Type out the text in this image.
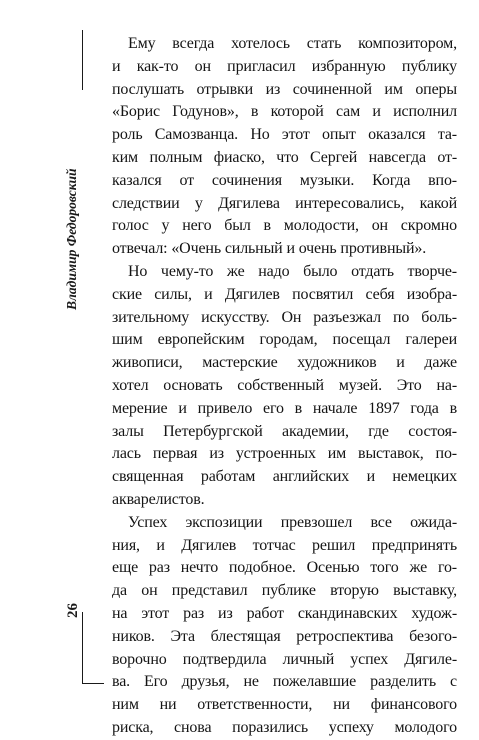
Владимир Федоровский
26

Ему всегда хотелось стать композитором,
и как-то он пригласил избранную публику
послушать отрывки из сочиненной им оперы
«Борис Годунов», в которой сам и исполнил
роль Самозванца. Но этот опыт оказался та-
ким полным фиаско, что Сергей навсегда от-
казался от сочинения музыки. Когда впо-
следствии у Дягилева интересовались, какой
голос у него был в молодости, он скромно
отвечал: «Очень сильный и очень противный».

Но чему-то же надо было отдать творче-
ские силы, и Дягилев посвятил себя изобра-
зительному искусству. Он разъезжал по боль-
шим европейским городам, посещал галереи
живописи, мастерские художников и даже
хотел основать собственный музей. Это на-
мерение и привело его в начале 1897 года в
залы Петербургской академии, где состоя-
лась первая из устроенных им выставок, по-
священная работам английских и немецких
акварелистов.

Успех экспозиции превзошел все ожида-
ния, и Дягилев тотчас решил предпринять
еще раз нечто подобное. Осенью того же го-
да он представил публике вторую выставку,
на этот раз из работ скандинавских худож-
ников. Эта блестящая ретроспектива безого-
ворочно подтвердила личный успех Дягиле-
ва. Его друзья, не пожелавшие разделить с
ним ни ответственности, ни финансового
риска, снова поразились успеху молодого
